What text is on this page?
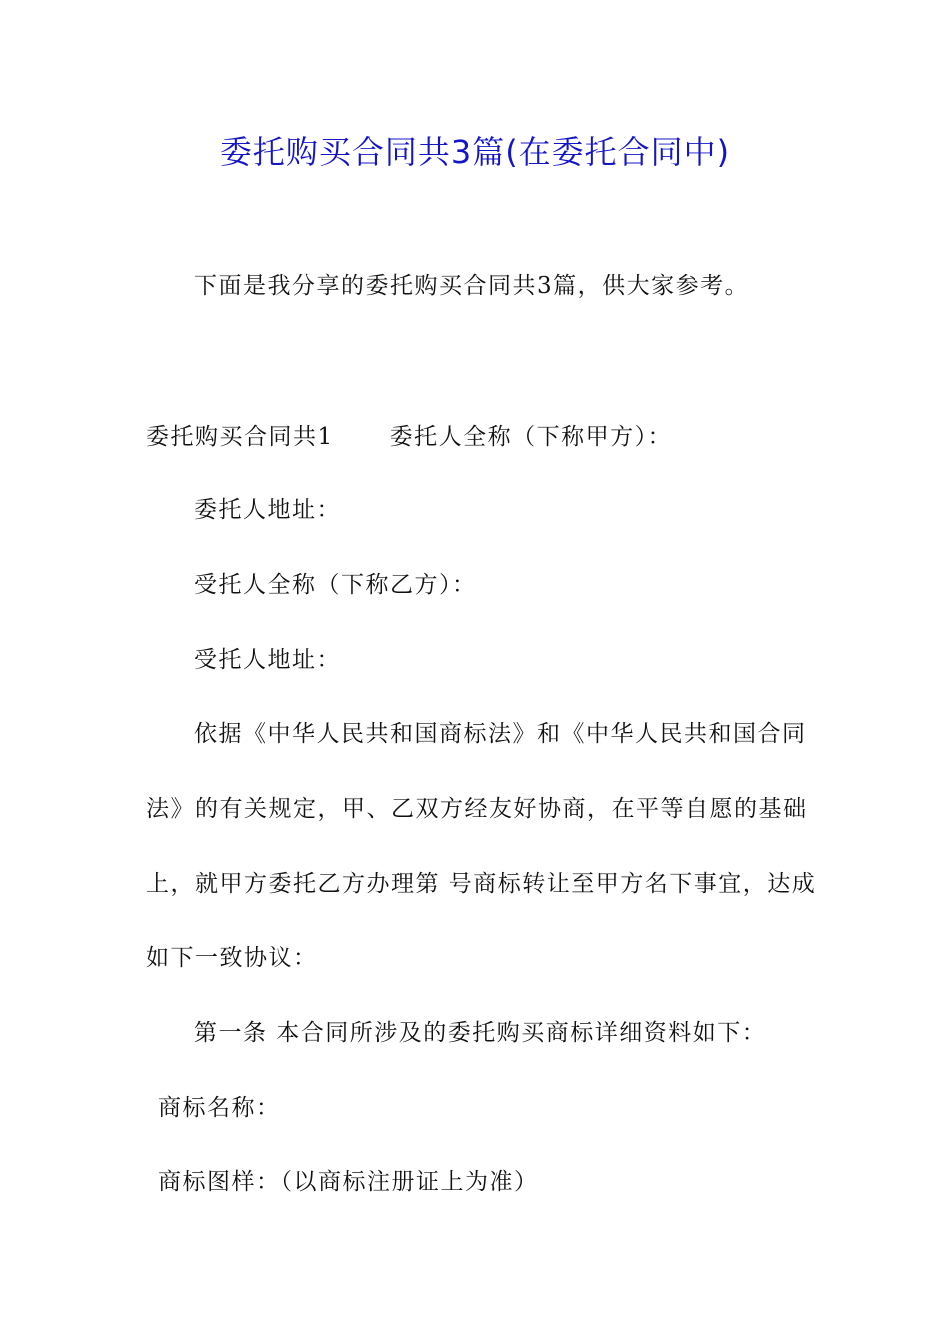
委托购买合同共3篇(在委托合同中)

下面是我分享的委托购买合同共3篇，供大家参考。

委托购买合同共1 委托人全称（下称甲方）：

委托人地址：

受托人全称（下称乙方）：

受托人地址：

依据《中华人民共和国商标法》和《中华人民共和国合同

法》的有关规定，甲、乙双方经友好协商，在平等自愿的基础

上，就甲方委托乙方办理第 号商标转让至甲方名下事宜，达成

如下一致协议：

第一条 本合同所涉及的委托购买商标详细资料如下：

商标名称：

商标图样：（以商标注册证上为准）
